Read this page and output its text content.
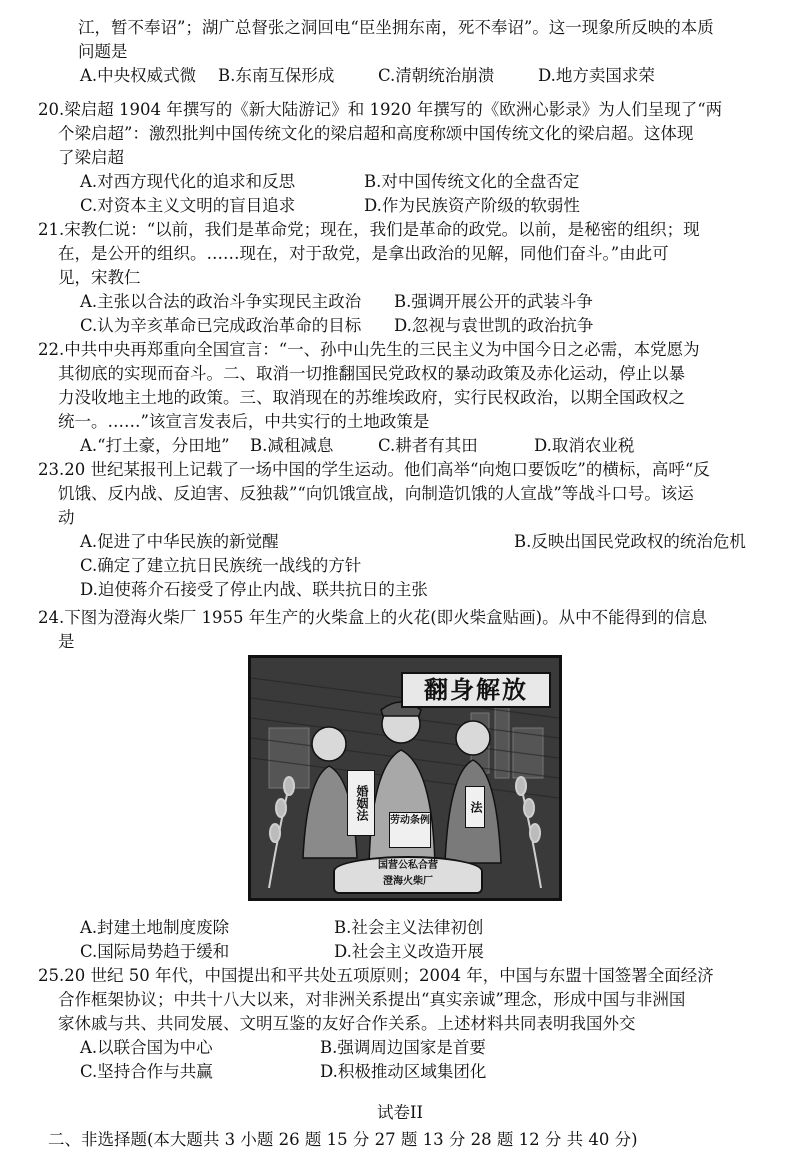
江，暂不奉诏”；湖广总督张之洞回电“臣坐拥东南，死不奉诏”。这一现象所反映的本质
问题是
A.中央权威式微 B.东南互保形成	C.清朝统治崩溃	D.地方卖国求荣
20.梁启超 1904 年撰写的《新大陆游记》和 1920 年撰写的《欧洲心影录》为人们呈现了“两
个梁启超”：激烈批判中国传统文化的梁启超和高度称颂中国传统文化的梁启超。这体现
了梁启超
A.对西方现代化的追求和反思	B.对中国传统文化的全盘否定
C.对资本主义文明的盲目追求	D.作为民族资产阶级的软弱性
21.宋教仁说：“以前，我们是革命党；现在，我们是革命的政党。以前，是秘密的组织；现
在，是公开的组织。……现在，对于敌党，是拿出政治的见解，同他们奋斗。”由此可
见，宋教仁
A.主张以合法的政治斗争实现民主政治 B.强调开展公开的武装斗争
C.认为辛亥革命已完成政治革命的目标 D.忽视与袁世凯的政治抗争
22.中共中央再郑重向全国宣言：“一、孙中山先生的三民主义为中国今日之必需，本党愿为
其彻底的实现而奋斗。二、取消一切推翻国民党政权的暴动政策及赤化运动，停止以暴
力没收地主土地的政策。三、取消现在的苏维埃政府，实行民权政治，以期全国政权之
统一。……”该宣言发表后，中共实行的土地政策是
A.“打土豪，分田地” B.减租减息	C.耕者有其田	D.取消农业税
23.20 世纪某报刊上记载了一场中国的学生运动。他们高举“向炮口要饭吃”的横标，高呼“反
饥饿、反内战、反迫害、反独裁”“向饥饿宣战，向制造饥饿的人宣战”等战斗口号。该运
动
A.促进了中华民族的新觉醒	B.反映出国民党政权的统治危机
C.确定了建立抗日民族统一战线的方针
D.迫使蒋介石接受了停止内战、联共抗日的主张
24.下图为澄海火柴厂 1955 年生产的火柴盒上的火花(即火柴盒贴画)。从中不能得到的信息
是
翻身解放
婚姻法	劳动条例
法
国营公私合营
澄海火柴厂
A.封建土地制度废除	B.社会主义法律初创
C.国际局势趋于缓和	D.社会主义改造开展
25.20 世纪 50 年代，中国提出和平共处五项原则；2004 年，中国与东盟十国签署全面经济
合作框架协议；中共十八大以来，对非洲关系提出“真实亲诚”理念，形成中国与非洲国
家休戚与共、共同发展、文明互鉴的友好合作关系。上述材料共同表明我国外交
A.以联合国为中心	B.强调周边国家是首要
C.坚持合作与共赢	D.积极推动区域集团化
试卷II
二、非选择题(本大题共 3 小题 26 题 15 分 27 题 13 分 28 题 12 分 共 40 分)
